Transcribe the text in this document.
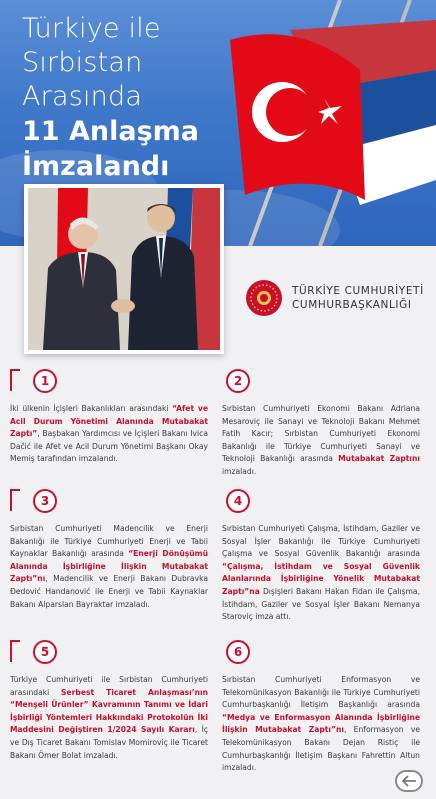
Türkiye ile
Sırbistan
Arasında
11 Anlaşma
İmzalandı
TÜRKİYE CUMHURİYETİ
CUMHURBAŞKANLIĞI
1
İki ülkenin İçişleri Bakanlıkları arasındaki “Afet ve Acil Durum Yönetimi Alanında Mutabakat Zaptı”, Başbakan Yardımcısı ve İçişleri Bakanı Ivica Dačić ile Afet ve Acil Durum Yönetimi Başkanı Okay Memiş tarafından imzalandı.
2
Sırbistan Cumhuriyeti Ekonomi Bakanı Adriana Mesaroviç ile Sanayi ve Teknoloji Bakanı Mehmet Fatih Kacır; Sırbistan Cumhuriyeti Ekonomi Bakanlığı ile Türkiye Cumhuriyeti Sanayi ve Teknoloji Bakanlığı arasında Mutabakat Zaptını imzaladı.
3
Sırbistan Cumhuriyeti Madencilik ve Enerji Bakanlığı ile Türkiye Cumhuriyeti Enerji ve Tabii Kaynaklar Bakanlığı arasında “Enerji Dönüşümü Alanında İşbirliğine İlişkin Mutabakat Zaptı”nı, Madencilik ve Enerji Bakanı Dubravka Đedović Handanović ile Enerji ve Tabii Kaynaklar Bakanı Alparslan Bayraktar imzaladı.
4
Sırbistan Cumhuriyeti Çalışma, İstihdam, Gaziler ve Sosyal İşler Bakanlığı ile Türkiye Cumhuriyeti Çalışma ve Sosyal Güvenlik Bakanlığı arasında “Çalışma, İstihdam ve Sosyal Güvenlik Alanlarında İşbirliğine Yönelik Mutabakat Zaptı”na Dışişleri Bakanı Hakan Fidan ile Çalışma, İstihdam, Gaziler ve Sosyal İşler Bakanı Nemanya Staroviç imza attı.
5
Türkiye Cumhuriyeti ile Sırbistan Cumhuriyeti arasındaki Serbest Ticaret Anlaşması’nın “Menşeli Ürünler” Kavramının Tanımı ve İdari İşbirliği Yöntemleri Hakkındaki Protokolün İki Maddesini Değiştiren 1/2024 Sayılı Kararı, İç ve Dış Ticaret Bakanı Tomislav Momiroviç ile Ticaret Bakanı Ömer Bolat imzaladı.
6
Sırbistan Cumhuriyeti Enformasyon ve Telekomünikasyon Bakanlığı ile Türkiye Cumhuriyeti Cumhurbaşkanlığı İletişim Başkanlığı arasında “Medya ve Enformasyon Alanında İşbirliğine İlişkin Mutabakat Zaptı”nı, Enformasyon ve Telekomünikasyon Bakanı Dejan Ristiç ile Cumhurbaşkanlığı İletişim Başkanı Fahrettin Altun imzaladı.
